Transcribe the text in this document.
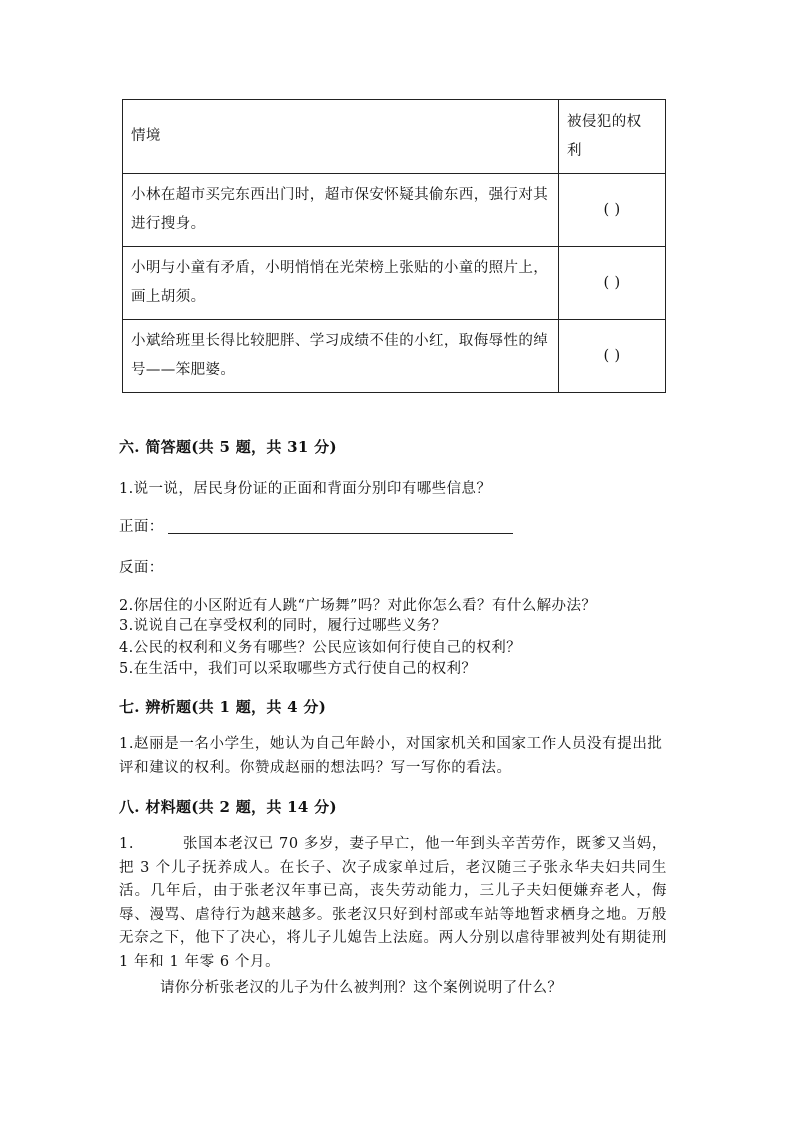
情境	被侵犯的权
利

小林在超市买完东西出门时，超市保安怀疑其偷东西，强行对其进行搜身。	( )
小明与小童有矛盾，小明悄悄在光荣榜上张贴的小童的照片上，画上胡须。	( )
小斌给班里长得比较肥胖、学习成绩不佳的小红，取侮辱性的绰号——笨肥婆。	( )
六. 简答题(共 5 题，共 31 分)
1.说一说，居民身份证的正面和背面分别印有哪些信息？
正面：
反面：
2.你居住的小区附近有人跳“广场舞”吗？对此你怎么看？有什么解办法？
3.说说自己在享受权利的同时，履行过哪些义务？
4.公民的权利和义务有哪些？公民应该如何行使自己的权利？
5.在生活中，我们可以采取哪些方式行使自己的权利？
七. 辨析题(共 1 题，共 4 分)
1.赵丽是一名小学生，她认为自己年龄小，对国家机关和国家工作人员没有提出批评和建议的权利。你赞成赵丽的想法吗？写一写你的看法。
八. 材料题(共 2 题，共 14 分)
1.	张国本老汉已 70 多岁，妻子早亡，他一年到头辛苦劳作，既爹又当妈，把 3 个儿子抚养成人。在长子、次子成家单过后，老汉随三子张永华夫妇共同生活。几年后，由于张老汉年事已高，丧失劳动能力，三儿子夫妇便嫌弃老人，侮辱、漫骂、虐待行为越来越多。张老汉只好到村部或车站等地暂求栖身之地。万般无奈之下，他下了决心，将儿子儿媳告上法庭。两人分别以虐待罪被判处有期徒刑 1 年和 1 年零 6 个月。
请你分析张老汉的儿子为什么被判刑？这个案例说明了什么？
